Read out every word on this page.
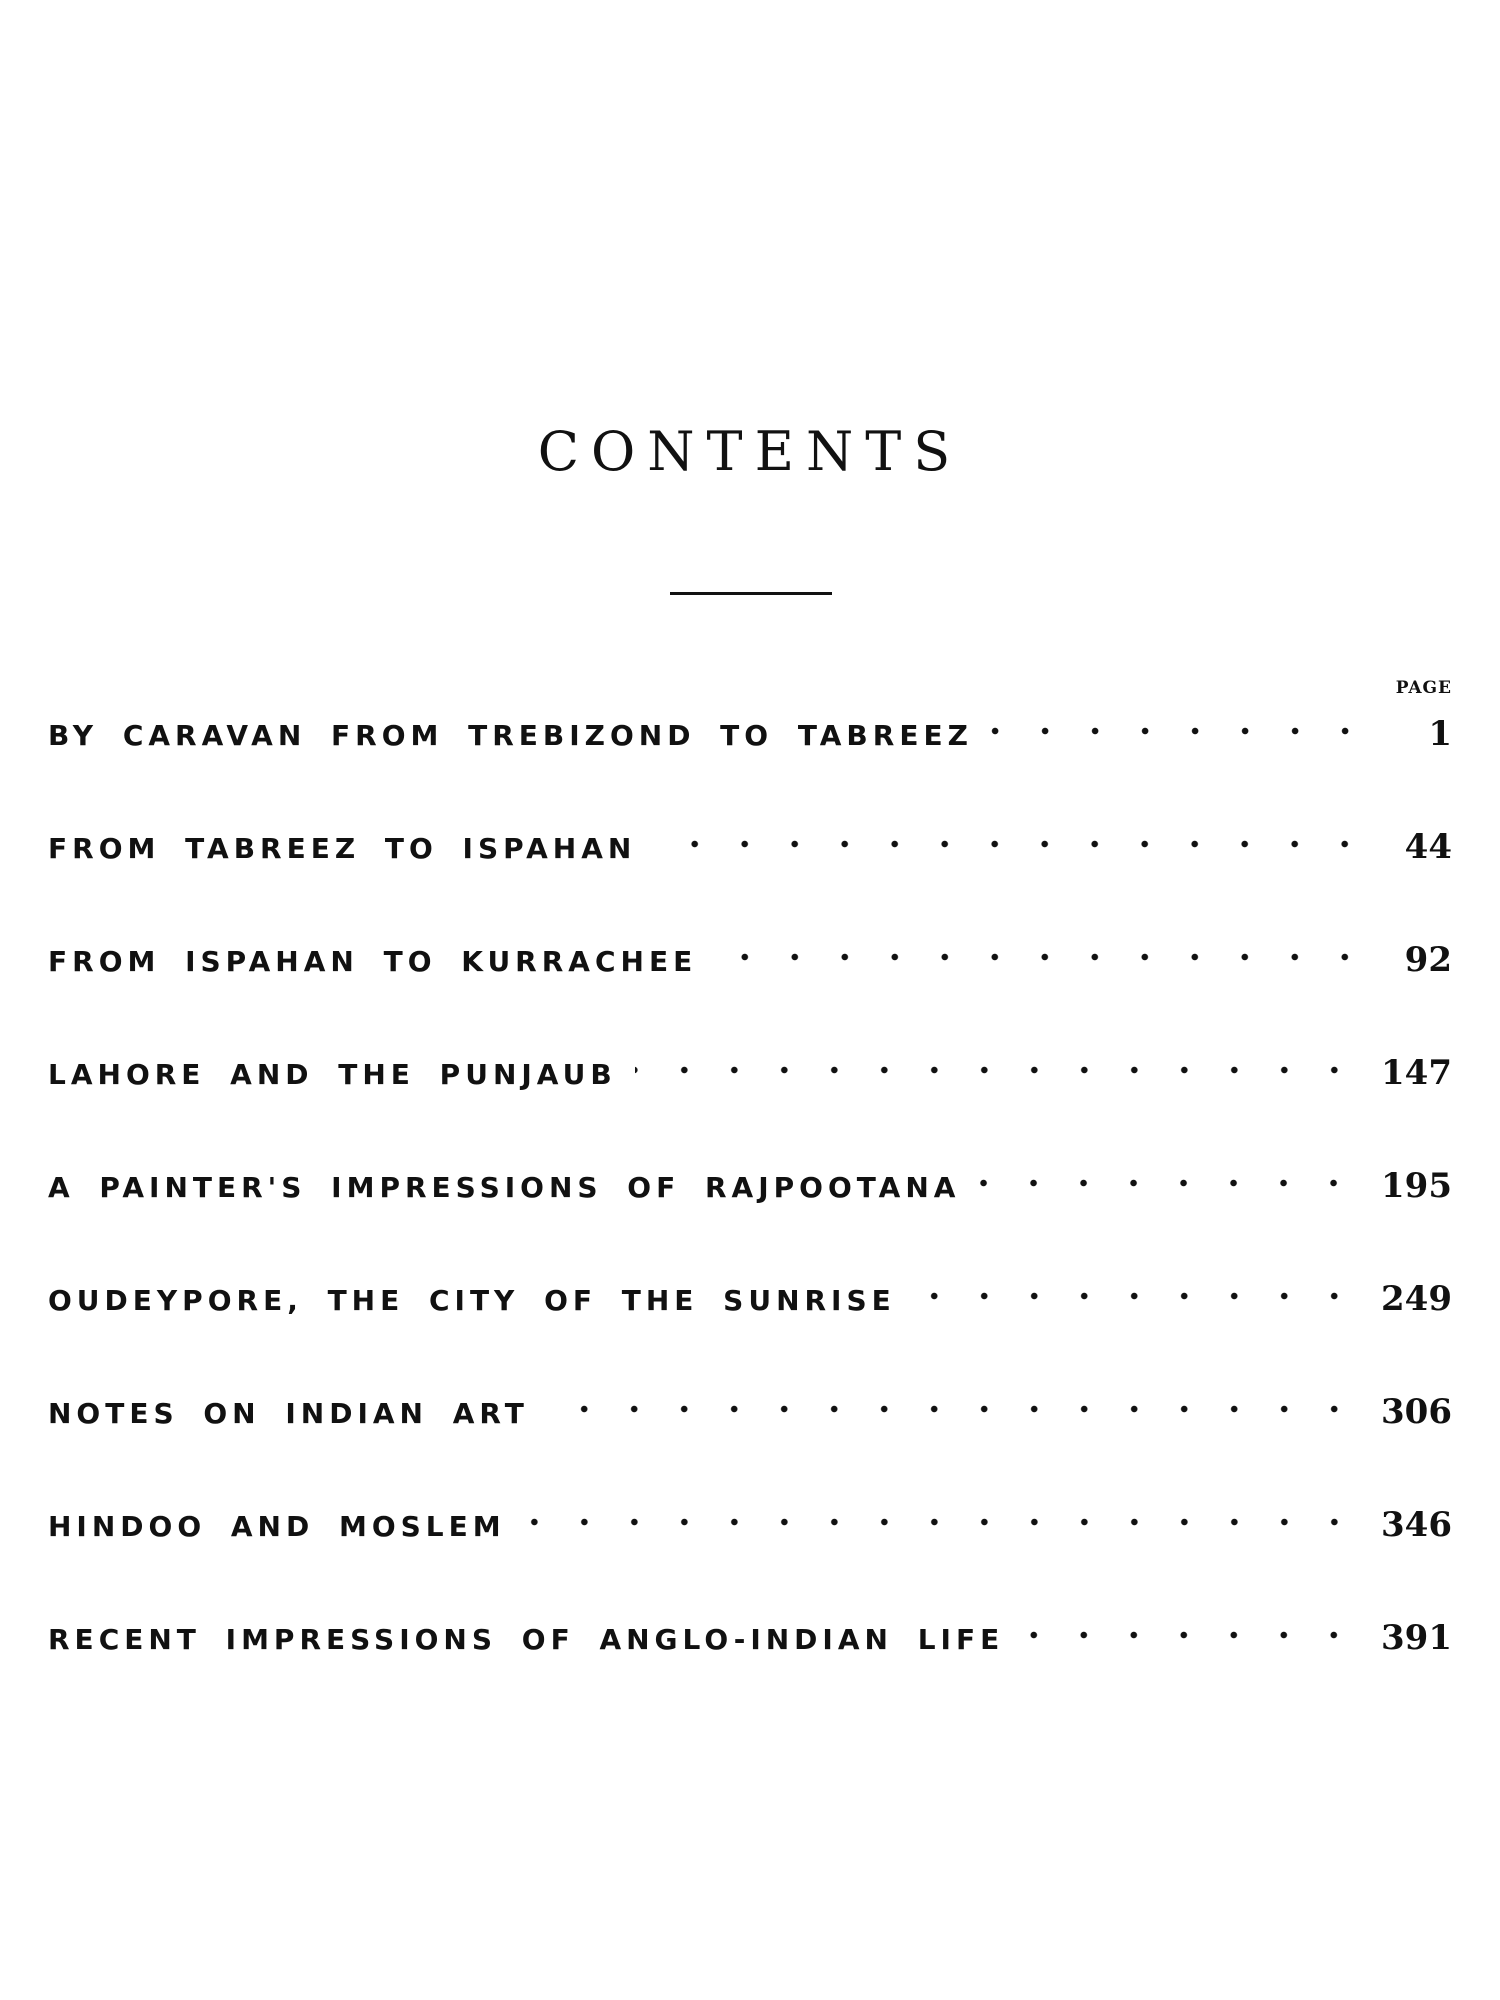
CONTENTS
PAGE
BY CARAVAN FROM TREBIZOND TO TABREEZ	1
FROM TABREEZ TO ISPAHAN	44
FROM ISPAHAN TO KURRACHEE	92
LAHORE AND THE PUNJAUB	147
A PAINTER'S IMPRESSIONS OF RAJPOOTANA	195
OUDEYPORE, THE CITY OF THE SUNRISE	249
NOTES ON INDIAN ART	306
HINDOO AND MOSLEM	346
RECENT IMPRESSIONS OF ANGLO-INDIAN LIFE	391
